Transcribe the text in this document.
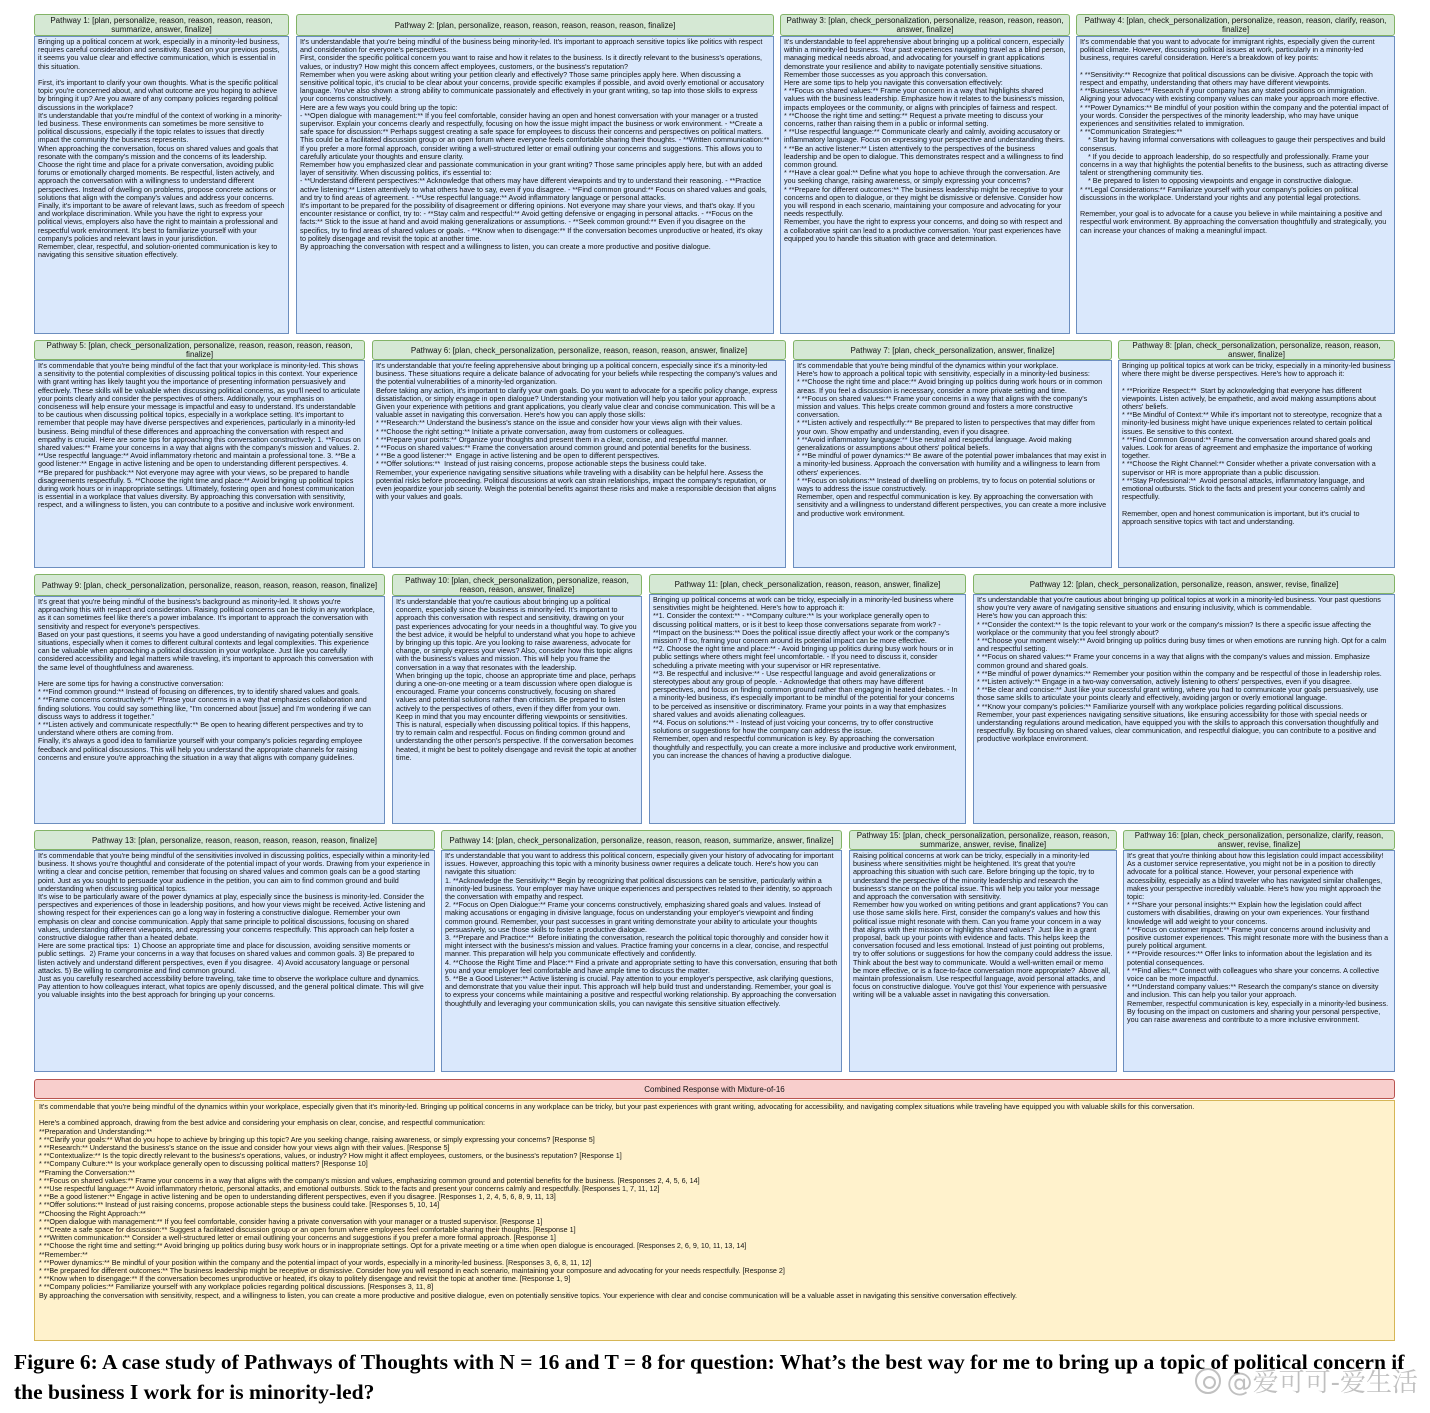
Pathway 1: [plan, personalize, reason, reason, reason, reason, summarize, answer, finalize]
Bringing up a political concern at work, especially in a minority-led business, requires careful consideration and sensitivity. Based on your previous posts, it seems you value clear and effective communication, which is essential in this situation.

First, it's important to clarify your own thoughts. What is the specific political topic you're concerned about, and what outcome are you hoping to achieve by bringing it up? Are you aware of any company policies regarding political discussions in the workplace?
It's understandable that you're mindful of the context of working in a minority-led business. These environments can sometimes be more sensitive to political discussions, especially if the topic relates to issues that directly impact the community the business represents.
When approaching the conversation, focus on shared values and goals that resonate with the company's mission and the concerns of its leadership. Choose the right time and place for a private conversation, avoiding public forums or emotionally charged moments. Be respectful, listen actively, and approach the conversation with a willingness to understand different perspectives. Instead of dwelling on problems, propose concrete actions or solutions that align with the company's values and address your concerns.
Finally, it's important to be aware of relevant laws, such as freedom of speech and workplace discrimination. While you have the right to express your political views, employers also have the right to maintain a professional and respectful work environment. It's best to familiarize yourself with your company's policies and relevant laws in your jurisdiction.
Remember, clear, respectful, and solution-oriented communication is key to navigating this sensitive situation effectively.
Pathway 2: [plan, personalize, reason, reason, reason, reason, reason, finalize]
It's understandable that you're being mindful of the business being minority-led. It's important to approach sensitive topics like politics with respect and consideration for everyone's perspectives.
First, consider the specific political concern you want to raise and how it relates to the business. Is it directly relevant to the business's operations, values, or industry? How might this concern affect employees, customers, or the business's reputation?
Remember when you were asking about writing your petition clearly and effectively? Those same principles apply here. When discussing a sensitive political topic, it's crucial to be clear about your concerns, provide specific examples if possible, and avoid overly emotional or accusatory language. You've also shown a strong ability to communicate passionately and effectively in your grant writing, so tap into those skills to express your concerns constructively.
Here are a few ways you could bring up the topic:
- **Open dialogue with management:** If you feel comfortable, consider having an open and honest conversation with your manager or a trusted supervisor. Explain your concerns clearly and respectfully, focusing on how the issue might impact the business or work environment. - **Create a safe space for discussion:** Perhaps suggest creating a safe space for employees to discuss their concerns and perspectives on political matters. This could be a facilitated discussion group or an open forum where everyone feels comfortable sharing their thoughts. - **Written communication:** If you prefer a more formal approach, consider writing a well-structured letter or email outlining your concerns and suggestions. This allows you to carefully articulate your thoughts and ensure clarity.
Remember how you emphasized clear and passionate communication in your grant writing? Those same principles apply here, but with an added layer of sensitivity. When discussing politics, it's essential to:
- **Understand different perspectives:** Acknowledge that others may have different viewpoints and try to understand their reasoning. - **Practice active listening:** Listen attentively to what others have to say, even if you disagree. - **Find common ground:** Focus on shared values and goals, and try to find areas of agreement. - **Use respectful language:** Avoid inflammatory language or personal attacks.
It's important to be prepared for the possibility of disagreement or differing opinions. Not everyone may share your views, and that's okay. If you encounter resistance or conflict, try to: - **Stay calm and respectful:** Avoid getting defensive or engaging in personal attacks. - **Focus on the facts:** Stick to the issue at hand and avoid making generalizations or assumptions. - **Seek common ground:** Even if you disagree on the specifics, try to find areas of shared values or goals. - **Know when to disengage:** If the conversation becomes unproductive or heated, it's okay to politely disengage and revisit the topic at another time.
By approaching the conversation with respect and a willingness to listen, you can create a more productive and positive dialogue.
Pathway 3: [plan, check_personalization, personalize, reason, reason, reason, answer, finalize]
It's understandable to feel apprehensive about bringing up a political concern, especially within a minority-led business. Your past experiences navigating travel as a blind person, managing medical needs abroad, and advocating for yourself in grant applications demonstrate your resilience and ability to navigate potentially sensitive situations. Remember those successes as you approach this conversation.
Here are some tips to help you navigate this conversation effectively:
* **Focus on shared values:** Frame your concern in a way that highlights shared values with the business leadership. Emphasize how it relates to the business's mission, impacts employees or the community, or aligns with principles of fairness and respect.
* **Choose the right time and setting:** Request a private meeting to discuss your concerns, rather than raising them in a public or informal setting.
* **Use respectful language:** Communicate clearly and calmly, avoiding accusatory or inflammatory language. Focus on expressing your perspective and understanding theirs.
* **Be an active listener:** Listen attentively to the perspectives of the business leadership and be open to dialogue. This demonstrates respect and a willingness to find common ground.
* **Have a clear goal:** Define what you hope to achieve through the conversation. Are you seeking change, raising awareness, or simply expressing your concerns?
* **Prepare for different outcomes:** The business leadership might be receptive to your concerns and open to dialogue, or they might be dismissive or defensive. Consider how you will respond in each scenario, maintaining your composure and advocating for your needs respectfully.
Remember, you have the right to express your concerns, and doing so with respect and a collaborative spirit can lead to a productive conversation. Your past experiences have equipped you to handle this situation with grace and determination.
Pathway 4: [plan, check_personalization, personalize, reason, reason, clarify, reason, finalize]
It's commendable that you want to advocate for immigrant rights, especially given the current political climate. However, discussing political issues at work, particularly in a minority-led business, requires careful consideration. Here's a breakdown of key points:

* **Sensitivity:** Recognize that political discussions can be divisive. Approach the topic with respect and empathy, understanding that others may have different viewpoints.
* **Business Values:** Research if your company has any stated positions on immigration. Aligning your advocacy with existing company values can make your approach more effective.
* **Power Dynamics:** Be mindful of your position within the company and the potential impact of your words. Consider the perspectives of the minority leadership, who may have unique experiences and sensitivities related to immigration.
* **Communication Strategies:**
* Start by having informal conversations with colleagues to gauge their perspectives and build consensus.
* If you decide to approach leadership, do so respectfully and professionally. Frame your concerns in a way that highlights the potential benefits to the business, such as attracting diverse talent or strengthening community ties.
* Be prepared to listen to opposing viewpoints and engage in constructive dialogue.
* **Legal Considerations:** Familiarize yourself with your company's policies on political discussions in the workplace. Understand your rights and any potential legal protections.

Remember, your goal is to advocate for a cause you believe in while maintaining a positive and respectful work environment. By approaching the conversation thoughtfully and strategically, you can increase your chances of making a meaningful impact.
Pathway 5: [plan, check_personalization, personalize, reason, reason, reason, reason, finalize]
It's commendable that you're being mindful of the fact that your workplace is minority-led. This shows a sensitivity to the potential complexities of discussing political topics in this context. Your experience with grant writing has likely taught you the importance of presenting information persuasively and effectively. These skills will be valuable when discussing political concerns, as you'll need to articulate your points clearly and consider the perspectives of others. Additionally, your emphasis on conciseness will help ensure your message is impactful and easy to understand. It's understandable to be cautious when discussing political topics, especially in a workplace setting. It's important to remember that people may have diverse perspectives and experiences, particularly in a minority-led business. Being mindful of these differences and approaching the conversation with respect and empathy is crucial. Here are some tips for approaching this conversation constructively: 1. **Focus on shared values:** Frame your concerns in a way that aligns with the company's mission and values. 2. **Use respectful language:** Avoid inflammatory rhetoric and maintain a professional tone. 3. **Be a good listener:** Engage in active listening and be open to understanding different perspectives. 4. **Be prepared for pushback:** Not everyone may agree with your views, so be prepared to handle disagreements respectfully. 5. **Choose the right time and place:** Avoid bringing up political topics during work hours or in inappropriate settings. Ultimately, fostering open and honest communication is essential in a workplace that values diversity. By approaching this conversation with sensitivity, respect, and a willingness to listen, you can contribute to a positive and inclusive work environment.
Pathway 6: [plan, check_personalization, personalize, reason, reason, reason, answer, finalize]
It's understandable that you're feeling apprehensive about bringing up a political concern, especially since it's a minority-led business. These situations require a delicate balance of advocating for your beliefs while respecting the company's values and the potential vulnerabilities of a minority-led organization.
Before taking any action, it's important to clarify your own goals. Do you want to advocate for a specific policy change, express dissatisfaction, or simply engage in open dialogue? Understanding your motivation will help you tailor your approach.
Given your experience with petitions and grant applications, you clearly value clear and concise communication. This will be a valuable asset in navigating this conversation. Here's how you can apply those skills:
* **Research:** Understand the business's stance on the issue and consider how your views align with their values.
* **Choose the right setting:** Initiate a private conversation, away from customers or colleagues.
* **Prepare your points:** Organize your thoughts and present them in a clear, concise, and respectful manner.
* **Focus on shared values:** Frame the conversation around common ground and potential benefits for the business.
* **Be a good listener:**  Engage in active listening and be open to different perspectives.
* **Offer solutions:**  Instead of just raising concerns, propose actionable steps the business could take.
Remember, your experience navigating sensitive situations while traveling with a disability can be helpful here. Assess the potential risks before proceeding. Political discussions at work can strain relationships, impact the company's reputation, or even jeopardize your job security. Weigh the potential benefits against these risks and make a responsible decision that aligns with your values and goals.
Pathway 7: [plan, check_personalization, answer, finalize]
It's commendable that you're being mindful of the dynamics within your workplace.
Here's how to approach a political topic with sensitivity, especially in a minority-led business:
* **Choose the right time and place:** Avoid bringing up politics during work hours or in common areas. If you feel a discussion is necessary, consider a more private setting and time.
* **Focus on shared values:** Frame your concerns in a way that aligns with the company's mission and values. This helps create common ground and fosters a more constructive conversation.
* **Listen actively and respectfully:** Be prepared to listen to perspectives that may differ from your own. Show empathy and understanding, even if you disagree.
* **Avoid inflammatory language:** Use neutral and respectful language. Avoid making generalizations or assumptions about others' political beliefs.
* **Be mindful of power dynamics:** Be aware of the potential power imbalances that may exist in a minority-led business. Approach the conversation with humility and a willingness to learn from others' experiences.
* **Focus on solutions:** Instead of dwelling on problems, try to focus on potential solutions or ways to address the issue constructively.
Remember, open and respectful communication is key. By approaching the conversation with sensitivity and a willingness to understand different perspectives, you can create a more inclusive and productive work environment.
Pathway 8: [plan, check_personalization, personalize, reason, reason, answer, finalize]
Bringing up political topics at work can be tricky, especially in a minority-led business where there might be diverse perspectives. Here's how to approach it:

* **Prioritize Respect:**  Start by acknowledging that everyone has different viewpoints. Listen actively, be empathetic, and avoid making assumptions about others' beliefs.
* **Be Mindful of Context:** While it's important not to stereotype, recognize that a minority-led business might have unique experiences related to certain political issues. Be sensitive to this context.
* **Find Common Ground:** Frame the conversation around shared goals and values. Look for areas of agreement and emphasize the importance of working together.
* **Choose the Right Channel:** Consider whether a private conversation with a supervisor or HR is more appropriate than a public discussion.
* **Stay Professional:**  Avoid personal attacks, inflammatory language, and emotional outbursts. Stick to the facts and present your concerns calmly and respectfully.

Remember, open and honest communication is important, but it's crucial to approach sensitive topics with tact and understanding.
Pathway 9: [plan, check_personalization, personalize, reason, reason, reason, reason, finalize]
It's great that you're being mindful of the business's background as minority-led. It shows you're approaching this with respect and consideration. Raising political concerns can be tricky in any workplace, as it can sometimes feel like there's a power imbalance. It's important to approach the conversation with sensitivity and respect for everyone's perspectives.
Based on your past questions, it seems you have a good understanding of navigating potentially sensitive situations, especially when it comes to different cultural contexts and legal complexities. This experience can be valuable when approaching a political discussion in your workplace. Just like you carefully considered accessibility and legal matters while traveling, it's important to approach this conversation with the same level of thoughtfulness and awareness.

Here are some tips for having a constructive conversation:
* **Find common ground:** Instead of focusing on differences, try to identify shared values and goals.
* **Frame concerns constructively:**  Phrase your concerns in a way that emphasizes collaboration and finding solutions. You could say something like, "I'm concerned about [issue] and I'm wondering if we can discuss ways to address it together."
* **Listen actively and communicate respectfully:** Be open to hearing different perspectives and try to understand where others are coming from.
Finally, it's always a good idea to familiarize yourself with your company's policies regarding employee feedback and political discussions. This will help you understand the appropriate channels for raising concerns and ensure you're approaching the situation in a way that aligns with company guidelines.
Pathway 10: [plan, check_personalization, personalize, reason, reason, reason, answer, finalize]
It's understandable that you're cautious about bringing up a political concern, especially since the business is minority-led. It's important to approach this conversation with respect and sensitivity, drawing on your past experiences advocating for your needs in a thoughtful way. To give you the best advice, it would be helpful to understand what you hope to achieve by bringing up this topic. Are you looking to raise awareness, advocate for change, or simply express your views? Also, consider how this topic aligns with the business's values and mission. This will help you frame the conversation in a way that resonates with the leadership.
When bringing up the topic, choose an appropriate time and place, perhaps during a one-on-one meeting or a team discussion where open dialogue is encouraged. Frame your concerns constructively, focusing on shared values and potential solutions rather than criticism. Be prepared to listen actively to the perspectives of others, even if they differ from your own.
Keep in mind that you may encounter differing viewpoints or sensitivities. This is natural, especially when discussing political topics. If this happens, try to remain calm and respectful. Focus on finding common ground and understanding the other person's perspective. If the conversation becomes heated, it might be best to politely disengage and revisit the topic at another time.
Pathway 11: [plan, check_personalization, reason, reason, answer, finalize]
Bringing up political concerns at work can be tricky, especially in a minority-led business where sensitivities might be heightened. Here's how to approach it:
**1. Consider the context:** - **Company culture:** Is your workplace generally open to discussing political matters, or is it best to keep those conversations separate from work? - **Impact on the business:** Does the political issue directly affect your work or the company's mission? If so, framing your concern around its potential impact can be more effective.
**2. Choose the right time and place:** - Avoid bringing up politics during busy work hours or in public settings where others might feel uncomfortable. - If you need to discuss it, consider scheduling a private meeting with your supervisor or HR representative.
**3. Be respectful and inclusive:** - Use respectful language and avoid generalizations or stereotypes about any group of people. - Acknowledge that others may have different perspectives, and focus on finding common ground rather than engaging in heated debates. - In a minority-led business, it's especially important to be mindful of the potential for your concerns to be perceived as insensitive or discriminatory. Frame your points in a way that emphasizes shared values and avoids alienating colleagues.
**4. Focus on solutions:** - Instead of just voicing your concerns, try to offer constructive solutions or suggestions for how the company can address the issue.
Remember, open and respectful communication is key. By approaching the conversation thoughtfully and respectfully, you can create a more inclusive and productive work environment, you can increase the chances of having a productive dialogue.
Pathway 12: [plan, check_personalization, personalize, reason, answer, revise, finalize]
It's understandable that you're cautious about bringing up political topics at work in a minority-led business. Your past questions show you're very aware of navigating sensitive situations and ensuring inclusivity, which is commendable.
Here's how you can approach this:
* **Consider the context:** Is the topic relevant to your work or the company's mission? Is there a specific issue affecting the workplace or the community that you feel strongly about?
* **Choose your moment wisely:** Avoid bringing up politics during busy times or when emotions are running high. Opt for a calm and respectful setting.
* **Focus on shared values:** Frame your concerns in a way that aligns with the company's values and mission. Emphasize common ground and shared goals.
* **Be mindful of power dynamics:** Remember your position within the company and be respectful of those in leadership roles.
* **Listen actively:** Engage in a two-way conversation, actively listening to others' perspectives, even if you disagree.
* **Be clear and concise:** Just like your successful grant writing, where you had to communicate your goals persuasively, use those same skills to articulate your points clearly and effectively, avoiding jargon or overly emotional language.
* **Know your company's policies:** Familiarize yourself with any workplace policies regarding political discussions.
Remember, your past experiences navigating sensitive situations, like ensuring accessibility for those with special needs or understanding regulations around medication, have equipped you with the skills to approach this conversation thoughtfully and respectfully. By focusing on shared values, clear communication, and respectful dialogue, you can contribute to a positive and productive workplace environment.
Pathway 13: [plan, personalize, reason, reason, reason, reason, reason, finalize]
It's commendable that you're being mindful of the sensitivities involved in discussing politics, especially within a minority-led business. It shows you're thoughtful and considerate of the potential impact of your words. Drawing from your experience in writing a clear and concise petition, remember that focusing on shared values and common goals can be a good starting point. Just as you sought to persuade your audience in the petition, you can aim to find common ground and build understanding when discussing political topics.
It's wise to be particularly aware of the power dynamics at play, especially since the business is minority-led. Consider the perspectives and experiences of those in leadership positions, and how your views might be received. Active listening and showing respect for their experiences can go a long way in fostering a constructive dialogue. Remember your own emphasis on clear and concise communication. Apply that same principle to political discussions, focusing on shared values, understanding different viewpoints, and expressing your concerns respectfully. This approach can help foster a constructive dialogue rather than a heated debate.
Here are some practical tips:  1) Choose an appropriate time and place for discussion, avoiding sensitive moments or public settings.  2) Frame your concerns in a way that focuses on shared values and common goals. 3) Be prepared to listen actively and understand different perspectives, even if you disagree.  4) Avoid accusatory language or personal attacks. 5) Be willing to compromise and find common ground.
Just as you carefully researched accessibility before traveling, take time to observe the workplace culture and dynamics. Pay attention to how colleagues interact, what topics are openly discussed, and the general political climate. This will give you valuable insights into the best approach for bringing up your concerns.
Pathway 14: [plan, check_personalization, personalize, reason, reason, reason, summarize, answer, finalize]
It's understandable that you want to address this political concern, especially given your history of advocating for important issues. However, approaching this topic with a minority business owner requires a delicate touch. Here's how you can navigate this situation:
1. **Acknowledge the Sensitivity:** Begin by recognizing that political discussions can be sensitive, particularly within a minority-led business. Your employer may have unique experiences and perspectives related to their identity, so approach the conversation with empathy and respect.
2. **Focus on Open Dialogue:** Frame your concerns constructively, emphasizing shared goals and values. Instead of making accusations or engaging in divisive language, focus on understanding your employer's viewpoint and finding common ground. Remember, your past successes in grant writing demonstrate your ability to articulate your thoughts persuasively, so use those skills to foster a productive dialogue.
3. **Prepare and Practice:**  Before initiating the conversation, research the political topic thoroughly and consider how it might intersect with the business's mission and values. Practice framing your concerns in a clear, concise, and respectful manner. This preparation will help you communicate effectively and confidently.
4. **Choose the Right Time and Place:** Find a private and appropriate setting to have this conversation, ensuring that both you and your employer feel comfortable and have ample time to discuss the matter.
5. **Be a Good Listener:** Active listening is crucial. Pay attention to your employer's perspective, ask clarifying questions, and demonstrate that you value their input. This approach will help build trust and understanding. Remember, your goal is to express your concerns while maintaining a positive and respectful working relationship. By approaching the conversation thoughtfully and leveraging your communication skills, you can navigate this sensitive situation effectively.
Pathway 15: [plan, check_personalization, personalize, reason, reason, summarize, answer, revise, finalize]
Raising political concerns at work can be tricky, especially in a minority-led business where sensitivities might be heightened. It's great that you're approaching this situation with such care. Before bringing up the topic, try to understand the perspective of the minority leadership and research the business's stance on the political issue. This will help you tailor your message and approach the conversation with sensitivity.
Remember how you worked on writing petitions and grant applications? You can use those same skills here. First, consider the company's values and how this political issue might resonate with them. Can you frame your concern in a way that aligns with their mission or highlights shared values?  Just like in a grant proposal, back up your points with evidence and facts. This helps keep the conversation focused and less emotional. Instead of just pointing out problems, try to offer solutions or suggestions for how the company could address the issue.
Think about the best way to communicate. Would a well-written email or memo be more effective, or is a face-to-face conversation more appropriate?  Above all, maintain professionalism. Use respectful language, avoid personal attacks, and focus on constructive dialogue. You've got this! Your experience with persuasive writing will be a valuable asset in navigating this conversation.
Pathway 16: [plan, check_personalization, personalize, clarify, reason, answer, revise, finalize]
It's great that you're thinking about how this legislation could impact accessibility! As a customer service representative, you might not be in a position to directly advocate for a political stance. However, your personal experience with accessibility, especially as a blind traveler who has navigated similar challenges, makes your perspective incredibly valuable. Here's how you might approach the topic:
* **Share your personal insights:** Explain how the legislation could affect customers with disabilities, drawing on your own experiences. Your firsthand knowledge will add weight to your concerns.
* **Focus on customer impact:** Frame your concerns around inclusivity and positive customer experiences. This might resonate more with the business than a purely political argument.
* **Provide resources:** Offer links to information about the legislation and its potential consequences.
* **Find allies:** Connect with colleagues who share your concerns. A collective voice can be more impactful.
* **Understand company values:** Research the company's stance on diversity and inclusion. This can help you tailor your approach.
Remember, respectful communication is key, especially in a minority-led business. By focusing on the impact on customers and sharing your personal perspective, you can raise awareness and contribute to a more inclusive environment.
Combined Response with Mixture-of-16
It's commendable that you're being mindful of the dynamics within your workplace, especially given that it's minority-led. Bringing up political concerns in any workplace can be tricky, but your past experiences with grant writing, advocating for accessibility, and navigating complex situations while traveling have equipped you with valuable skills for this conversation.

Here's a combined approach, drawing from the best advice and considering your emphasis on clear, concise, and respectful communication:
**Preparation and Understanding:**
* **Clarify your goals:** What do you hope to achieve by bringing up this topic? Are you seeking change, raising awareness, or simply expressing your concerns? [Response 5]
* **Research:** Understand the business's stance on the issue and consider how your views align with their values. [Response 5]
* **Contextualize:** Is the topic directly relevant to the business's operations, values, or industry? How might it affect employees, customers, or the business's reputation? [Response 1]
* **Company Culture:** Is your workplace generally open to discussing political matters? [Response 10]
**Framing the Conversation:**
* **Focus on shared values:** Frame your concerns in a way that aligns with the company's mission and values, emphasizing common ground and potential benefits for the business. [Responses 2, 4, 5, 6, 14]
* **Use respectful language:** Avoid inflammatory rhetoric, personal attacks, and emotional outbursts. Stick to the facts and present your concerns calmly and respectfully. [Responses 1, 7, 11, 12]
* **Be a good listener:** Engage in active listening and be open to understanding different perspectives, even if you disagree. [Responses 1, 2, 4, 5, 6, 8, 9, 11, 13]
* **Offer solutions:** Instead of just raising concerns, propose actionable steps the business could take. [Responses 5, 10, 14]
**Choosing the Right Approach:**
* **Open dialogue with management:** If you feel comfortable, consider having a private conversation with your manager or a trusted supervisor. [Response 1]
* **Create a safe space for discussion:** Suggest a facilitated discussion group or an open forum where employees feel comfortable sharing their thoughts. [Response 1]
* **Written communication:** Consider a well-structured letter or email outlining your concerns and suggestions if you prefer a more formal approach. [Response 1]
* **Choose the right time and setting:** Avoid bringing up politics during busy work hours or in inappropriate settings. Opt for a private meeting or a time when open dialogue is encouraged. [Responses 2, 6, 9, 10, 11, 13, 14]
**Remember:**
* **Power dynamics:** Be mindful of your position within the company and the potential impact of your words, especially in a minority-led business. [Responses 3, 6, 8, 11, 12]
* **Be prepared for different outcomes:** The business leadership might be receptive or dismissive. Consider how you will respond in each scenario, maintaining your composure and advocating for your needs respectfully. [Response 2]
* **Know when to disengage:** If the conversation becomes unproductive or heated, it's okay to politely disengage and revisit the topic at another time. [Response 1, 9]
* **Company policies:** Familiarize yourself with any workplace policies regarding political discussions. [Responses 3, 11, 8]
By approaching the conversation with sensitivity, respect, and a willingness to listen, you can create a more productive and positive dialogue, even on potentially sensitive topics. Your experience with clear and concise communication will be a valuable asset in navigating this sensitive conversation effectively.
Figure 6: A case study of Pathways of Thoughts with N = 16 and T = 8 for question: What’s the best way for me to bring up a topic of political concern if the business I work for is minority-led?	@爱可可-爱生活
